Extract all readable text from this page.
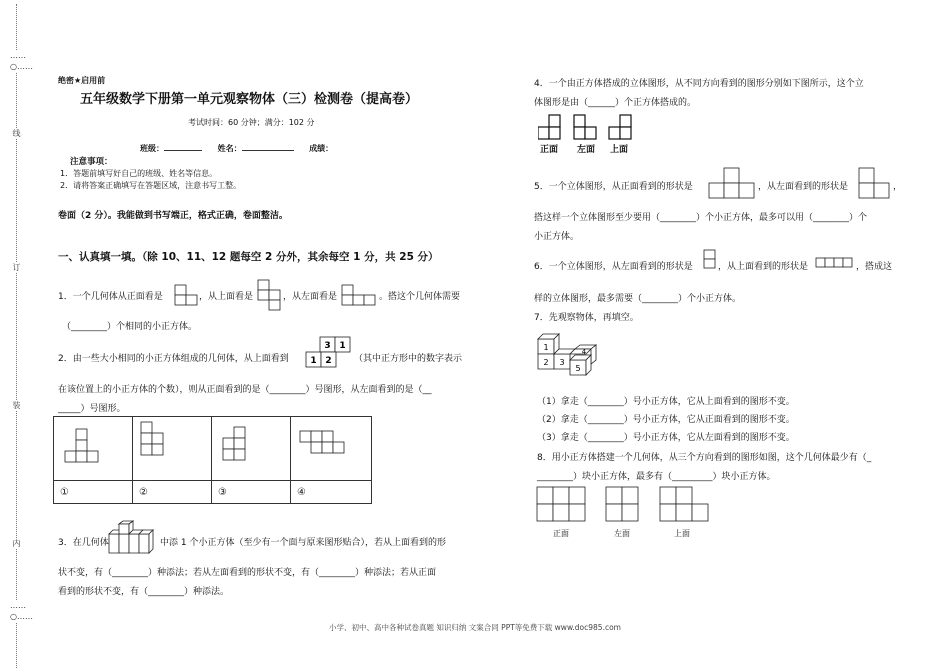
……○……
线
订
装
内
……○……
绝密★启用前
五年级数学下册第一单元观察物体（三）检测卷（提高卷）
考试时间：60 分钟；满分：102 分
班级：	姓名：	成绩：
注意事项：
1．答题前填写好自己的班级、姓名等信息。
2．请将答案正确填写在答题区域，注意书写工整。
卷面（2 分）。我能做到书写端正，格式正确，卷面整洁。
一、认真填一填。（除 10、11、12 题每空 2 分外，其余每空 1 分，共 25 分）
1．一个几何体从正面看是	，从上面看是	，从左面看是	。搭这个几何体需要
（________）个相同的小正方体。
2．由一些大小相同的小正方体组成的几何体，从上面看到
3 1
1 2 （其中正方形中的数字表示
在该位置上的小正方体的个数），则从正面看到的是（________）号图形，从左面看到的是（__
_____）号图形。

①	②	③	④
3．在几何体	中添 1 个小正方体（至少有一个面与原来图形贴合），若从上面看到的形
状不变，有（________）种添法；若从左面看到的形状不变，有（________）种添法；若从正面
看到的形状不变，有（________）种添法。
4．一个由正方体搭成的立体图形，从不同方向看到的图形分别如下图所示，这个立
体图形是由（______）个正方体搭成的。
正面 左面 上面
5．一个立体图形，从正面看到的形状是	，从左面看到的形状是	，
搭这样一个立体图形至少要用（________）个小正方体，最多可以用（________）个
小正方体。
6．一个立体图形，从左面看到的形状是	，从上面看到的形状是	，搭成这
样的立体图形，最多需要（________）个小正方体。
7．先观察物体，再填空。
1
2 3
4
5
（1）拿走（________）号小正方体，它从上面看到的图形不变。
（2）拿走（________）号小正方体，它从正面看到的图形不变。
（3）拿走（________）号小正方体，它从左面看到的图形不变。
8．用小正方体搭建一个几何体，从三个方向看到的图形如图，这个几何体最少有（_
________）块小正方体，最多有（_________）块小正方体。
正面	左面	上面
小学、初中、高中各种试卷真题 知识归纳 文案合同 PPT等免费下载 www.doc985.com
